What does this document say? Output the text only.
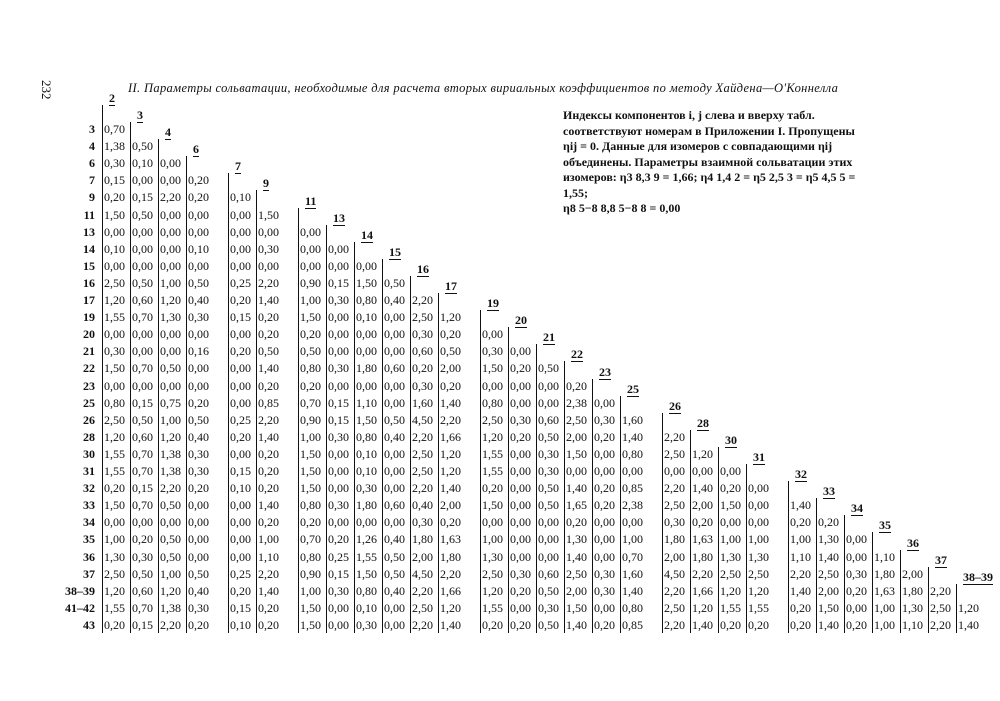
232	II. Параметры сольватации, необходимые для расчета вторых вириальных коэффициентов по методу Хайдена—О'Коннелла

Индексы компонентов i, j слева и вверху табл.

соответствуют номерам в Приложении I. Пропущены

ηij = 0. Данные для изомеров с совпадающими ηij

объединены. Параметры взаимной сольватации этих

изомеров: η3 8,3 9 = 1,66; η4 1,4 2 = η5 2,5 3 = η5 4,5 5 = 1,55;

η8 5−8 8,8 5−8 8 = 0,00

2
3
4
6
7
9
11
13
14
15
16
17
19
20
21
22
23
25
26
28
30
31
32
33
34
35
36
37
38–39
3 0,70
4 1,38 0,50
6 0,30 0,10 0,00
7 0,15 0,00 0,00 0,20
9 0,20 0,15 2,20 0,20 0,10
11 1,50 0,50 0,00 0,00 0,00 1,50
13 0,00 0,00 0,00 0,00 0,00 0,00 0,00
14 0,10 0,00 0,00 0,10 0,00 0,30 0,00 0,00
15 0,00 0,00 0,00 0,00 0,00 0,00 0,00 0,00 0,00
16 2,50 0,50 1,00 0,50 0,25 2,20 0,90 0,15 1,50 0,50
17 1,20 0,60 1,20 0,40 0,20 1,40 1,00 0,30 0,80 0,40 2,20
19 1,55 0,70 1,30 0,30 0,15 0,20 1,50 0,00 0,10 0,00 2,50 1,20
20 0,00 0,00 0,00 0,00 0,00 0,20 0,20 0,00 0,00 0,00 0,30 0,20 0,00
21 0,30 0,00 0,00 0,16 0,20 0,50 0,50 0,00 0,00 0,00 0,60 0,50 0,30 0,00
22 1,50 0,70 0,50 0,00 0,00 1,40 0,80 0,30 1,80 0,60 0,20 2,00 1,50 0,20 0,50
23 0,00 0,00 0,00 0,00 0,00 0,20 0,20 0,00 0,00 0,00 0,30 0,20 0,00 0,00 0,00 0,20
25 0,80 0,15 0,75 0,20 0,00 0,85 0,70 0,15 1,10 0,00 1,60 1,40 0,80 0,00 0,00 2,38 0,00
26 2,50 0,50 1,00 0,50 0,25 2,20 0,90 0,15 1,50 0,50 4,50 2,20 2,50 0,30 0,60 2,50 0,30 1,60
28 1,20 0,60 1,20 0,40 0,20 1,40 1,00 0,30 0,80 0,40 2,20 1,66 1,20 0,20 0,50 2,00 0,20 1,40 2,20
30 1,55 0,70 1,38 0,30 0,00 0,20 1,50 0,00 0,10 0,00 2,50 1,20 1,55 0,00 0,30 1,50 0,00 0,80 2,50 1,20
31 1,55 0,70 1,38 0,30 0,15 0,20 1,50 0,00 0,10 0,00 2,50 1,20 1,55 0,00 0,30 0,00 0,00 0,00 0,00 0,00 0,00
32 0,20 0,15 2,20 0,20 0,10 0,20 1,50 0,00 0,30 0,00 2,20 1,40 0,20 0,00 0,50 1,40 0,20 0,85 2,20 1,40 0,20 0,00
33 1,50 0,70 0,50 0,00 0,00 1,40 0,80 0,30 1,80 0,60 0,40 2,00 1,50 0,00 0,50 1,65 0,20 2,38 2,50 2,00 1,50 0,00 1,40
34 0,00 0,00 0,00 0,00 0,00 0,20 0,20 0,00 0,00 0,00 0,30 0,20 0,00 0,00 0,00 0,20 0,00 0,00 0,30 0,20 0,00 0,00 0,20 0,20
35 1,00 0,20 0,50 0,00 0,00 1,00 0,70 0,20 1,26 0,40 1,80 1,63 1,00 0,00 0,00 1,30 0,00 1,00 1,80 1,63 1,00 1,00 1,00 1,30 0,00
36 1,30 0,30 0,50 0,00 0,00 1,10 0,80 0,25 1,55 0,50 2,00 1,80 1,30 0,00 0,00 1,40 0,00 0,70 2,00 1,80 1,30 1,30 1,10 1,40 0,00 1,10
37 2,50 0,50 1,00 0,50 0,25 2,20 0,90 0,15 1,50 0,50 4,50 2,20 2,50 0,30 0,60 2,50 0,30 1,60 4,50 2,20 2,50 2,50 2,20 2,50 0,30 1,80 2,00
38–39 1,20 0,60 1,20 0,40 0,20 1,40 1,00 0,30 0,80 0,40 2,20 1,66 1,20 0,20 0,50 2,00 0,30 1,40 2,20 1,66 1,20 1,20 1,40 2,00 0,20 1,63 1,80 2,20
41–42 1,55 0,70 1,38 0,30 0,15 0,20 1,50 0,00 0,10 0,00 2,50 1,20 1,55 0,00 0,30 1,50 0,00 0,80 2,50 1,20 1,55 1,55 0,20 1,50 0,00 1,00 1,30 2,50 1,20
43 0,20 0,15 2,20 0,20 0,10 0,20 1,50 0,00 0,30 0,00 2,20 1,40 0,20 0,20 0,50 1,40 0,20 0,85 2,20 1,40 0,20 0,20 0,20 1,40 0,20 1,00 1,10 2,20 1,40
